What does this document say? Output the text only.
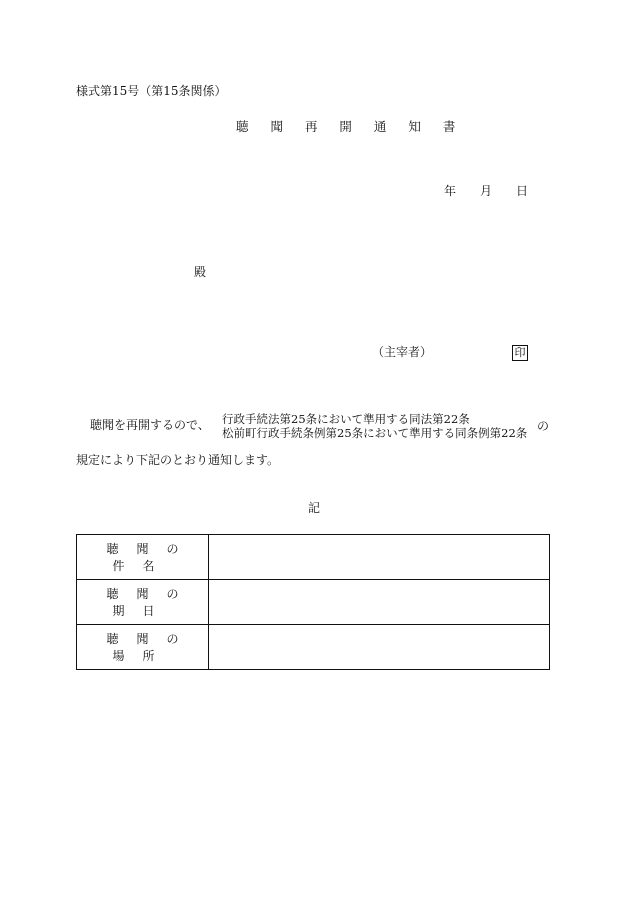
様式第15号（第15条関係）
聴 聞 再 開 通 知 書
年 月 日
殿
（主宰者）	印
聴聞を再開するので、 行政手続法第25条において準用する同法第22条
松前町行政手続条例第25条において準用する同条例第22条
の
規定により下記のとおり通知します。
記
聴聞の件名	
聴聞の期日	
聴聞の場所	
